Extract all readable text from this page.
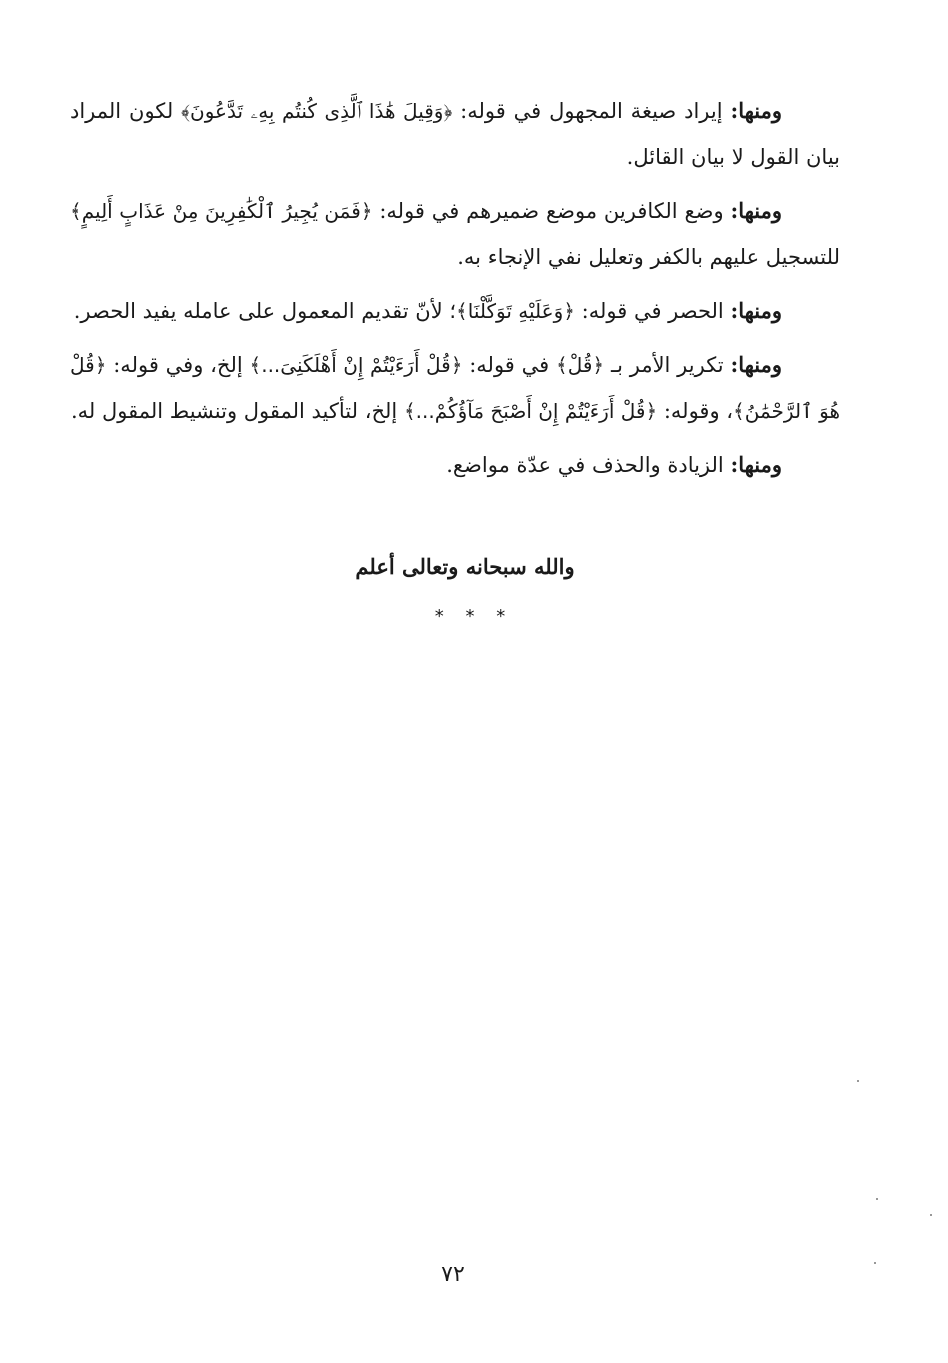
ومنها: إيراد صيغة المجهول في قوله: ﴿وَقِيلَ هَٰذَا ٱلَّذِى كُنتُم بِهِۦ تَدَّعُونَ﴾ لكون المراد بيان القول لا بيان القائل.

ومنها: وضع الكافرين موضع ضميرهم في قوله: ﴿فَمَن يُجِيرُ ٱلْكَٰفِرِينَ مِنْ عَذَابٍ أَلِيمٍ﴾ للتسجيل عليهم بالكفر وتعليل نفي الإنجاء به.

ومنها: الحصر في قوله: ﴿وَعَلَيْهِ تَوَكَّلْنَا﴾؛ لأنّ تقديم المعمول على عامله يفيد الحصر.

ومنها: تكرير الأمر بـ ﴿قُلْ﴾ في قوله: ﴿قُلْ أَرَءَيْتُمْ إِنْ أَهْلَكَنِىَ...﴾ إلخ، وفي قوله: ﴿قُلْ هُوَ ٱلرَّحْمَٰنُ﴾، وقوله: ﴿قُلْ أَرَءَيْتُمْ إِنْ أَصْبَحَ مَآؤُكُمْ...﴾ إلخ، لتأكيد المقول وتنشيط المقول له.

ومنها: الزيادة والحذف في عدّة مواضع.

والله سبحانه وتعالى أعلم
* * *
٧٢
